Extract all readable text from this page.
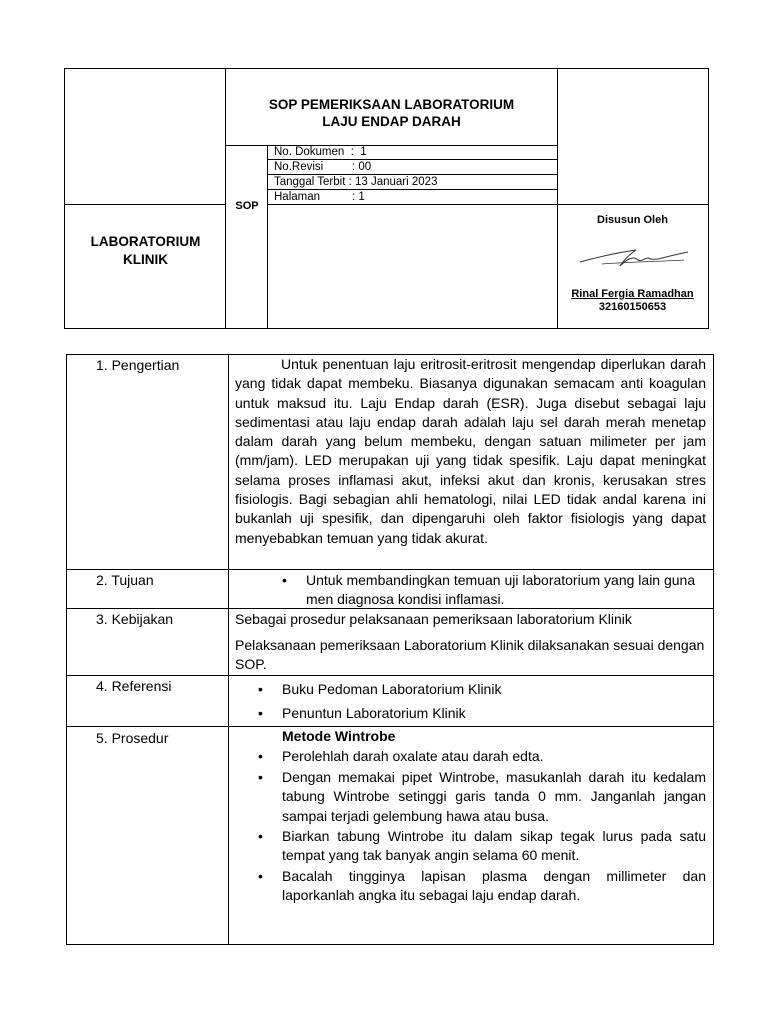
SOP PEMERIKSAAN LABORATORIUM
LAJU ENDAP DARAH
No. Dokumen  :  1
No.Revisi         : 00
Tanggal Terbit : 13 Januari 2023
Halaman          : 1
SOP
LABORATORIUM
KLINIK
Disusun Oleh
Rinal Fergia Ramadhan
32160150653
1. Pengertian	Untuk penentuan laju eritrosit-eritrosit mengendap diperlukan darah yang tidak dapat membeku. Biasanya digunakan semacam anti koagulan untuk maksud itu. Laju Endap darah (ESR). Juga disebut sebagai laju sedimentasi atau laju endap darah adalah laju sel darah merah menetap dalam darah yang belum membeku, dengan satuan milimeter per jam (mm/jam). LED merupakan uji yang tidak spesifik. Laju dapat meningkat selama proses inflamasi akut, infeksi akut dan kronis, kerusakan stres fisiologis. Bagi sebagian ahli hematologi, nilai LED tidak andal karena ini bukanlah uji spesifik, dan dipengaruhi oleh faktor fisiologis yang dapat menyebabkan temuan yang tidak akurat.
2. Tujuan	• Untuk membandingkan temuan uji laboratorium yang lain guna men diagnosa kondisi inflamasi.
3. Kebijakan	Sebagai prosedur pelaksanaan pemeriksaan laboratorium Klinik
Pelaksanaan pemeriksaan Laboratorium Klinik dilaksanakan sesuai dengan SOP.
4. Referensi	• Buku Pedoman Laboratorium Klinik
• Penuntun Laboratorium Klinik
5. Prosedur	Metode Wintrobe
• Perolehlah darah oxalate atau darah edta.
• Dengan memakai pipet Wintrobe, masukanlah darah itu kedalam tabung Wintrobe setinggi garis tanda 0 mm. Janganlah jangan sampai terjadi gelembung hawa atau busa.
• Biarkan tabung Wintrobe itu dalam sikap tegak lurus pada satu tempat yang tak banyak angin selama 60 menit.
• Bacalah tingginya lapisan plasma dengan millimeter dan laporkanlah angka itu sebagai laju endap darah.
